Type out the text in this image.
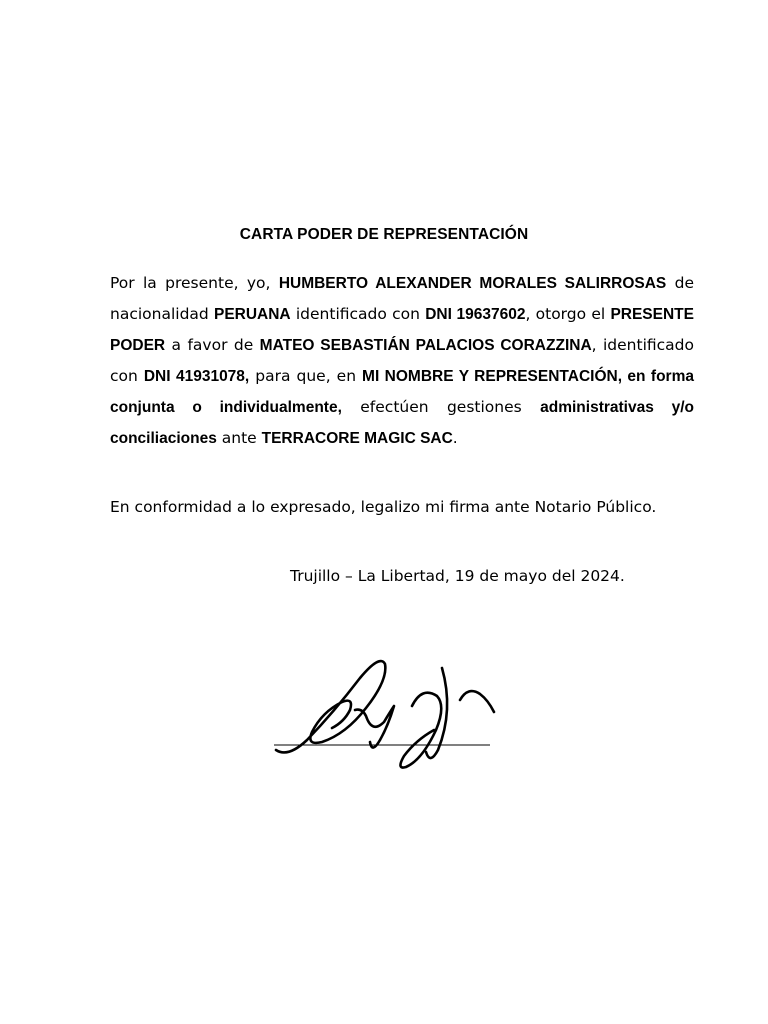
CARTA PODER DE REPRESENTACIÓN

Por la presente, yo, HUMBERTO ALEXANDER MORALES SALIRROSAS de nacionalidad PERUANA identificado con DNI 19637602, otorgo el PRESENTE PODER a favor de MATEO SEBASTIÁN PALACIOS CORAZZINA, identificado con DNI 41931078, para que, en MI NOMBRE Y REPRESENTACIÓN, en forma conjunta o individualmente, efectúen gestiones administrativas y/o conciliaciones ante TERRACORE MAGIC SAC.

En conformidad a lo expresado, legalizo mi firma ante Notario Público.

Trujillo – La Libertad, 19 de mayo del 2024.
